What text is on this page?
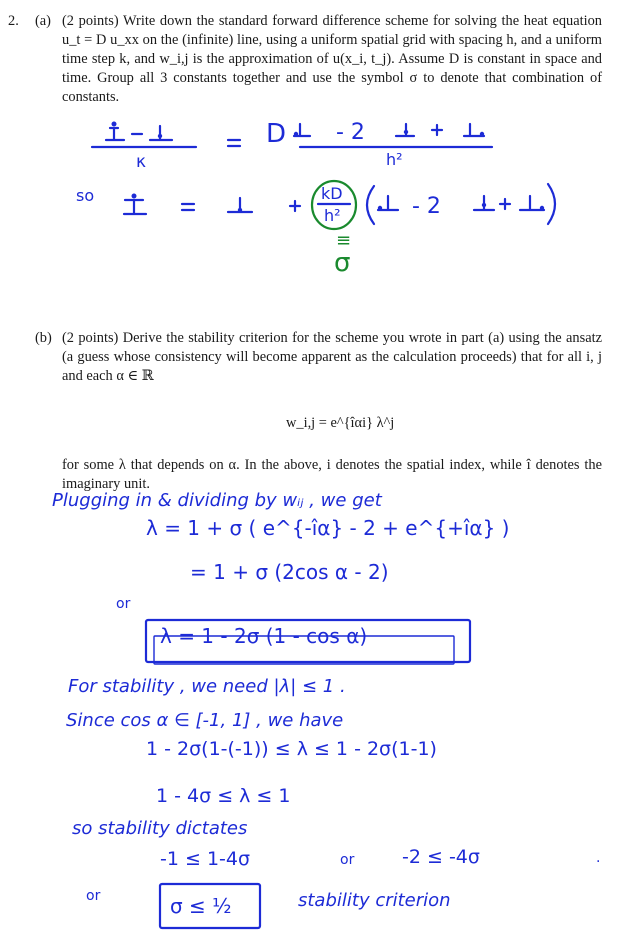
2. (a) (2 points) Write down the standard forward difference scheme for solving the heat equation u_t = D u_xx on the (infinite) line, using a uniform spatial grid with spacing h, and a uniform time step k, and w_i,j is the approximation of u(x_i, t_j). Assume D is constant in space and time. Group all 3 constants together and use the symbol σ to denote that combination of constants.
D - 2
κ	h²
so	kD
h²	- 2
≡
σ
(b) (2 points) Derive the stability criterion for the scheme you wrote in part (a) using the ansatz (a guess whose consistency will become apparent as the calculation proceeds) that for all i, j and each α ∈ ℝ
w_i,j = e^{îαi} λ^j
for some λ that depends on α. In the above, i denotes the spatial index, while î denotes the imaginary unit.
Plugging in & dividing by wᵢⱼ , we get
λ = 1 + σ ( e^{-îα} - 2 + e^{+îα} )
= 1 + σ (2cos α - 2)
or
λ = 1 - 2σ (1 - cos α)
For stability , we need |λ| ≤ 1 .
Since cos α ∈ [-1, 1] , we have
1 - 2σ(1-(-1)) ≤ λ ≤ 1 - 2σ(1-1)
1 - 4σ ≤ λ ≤ 1
so stability dictates
-1 ≤ 1-4σ	or	-2 ≤ -4σ
or	σ ≤ ½	stability criterion
.
